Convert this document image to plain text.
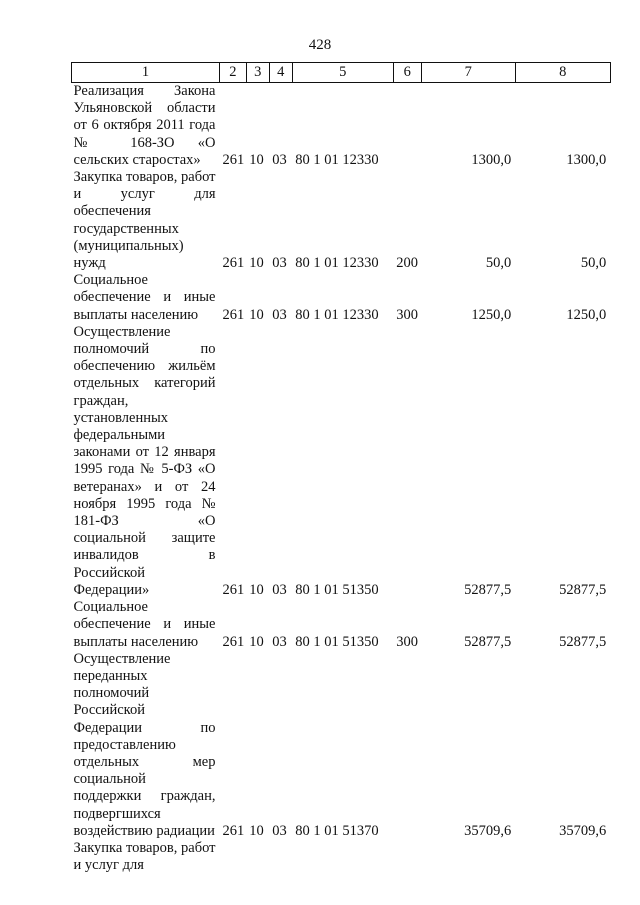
428
1	2	3	4	5	6	7	8
Реализация Закона Ульяновской области от 6 октября 2011 года № 168-ЗО «О сельских старостах»	261	10	03	80 1 01 12330		1300,0	1300,0
Закупка товаров, работ и услуг для обеспечения государственных (муниципальных) нужд	261	10	03	80 1 01 12330	200	50,0	50,0
Социальное обеспечение и иные выплаты населению	261	10	03	80 1 01 12330	300	1250,0	1250,0
Осуществление полномочий по обеспечению жильём отдельных категорий граждан, установленных федеральными законами от 12 января 1995 года № 5-ФЗ «О ветеранах» и от 24 ноября 1995 года № 181-ФЗ «О социальной защите инвалидов в Российской Федерации»	261	10	03	80 1 01 51350		52877,5	52877,5
Социальное обеспечение и иные выплаты населению	261	10	03	80 1 01 51350	300	52877,5	52877,5
Осуществление переданных полномочий Российской Федерации по предоставлению отдельных мер социальной поддержки граждан, подвергшихся воздействию радиации	261	10	03	80 1 01 51370		35709,6	35709,6
Закупка товаров, работ и услуг для							
